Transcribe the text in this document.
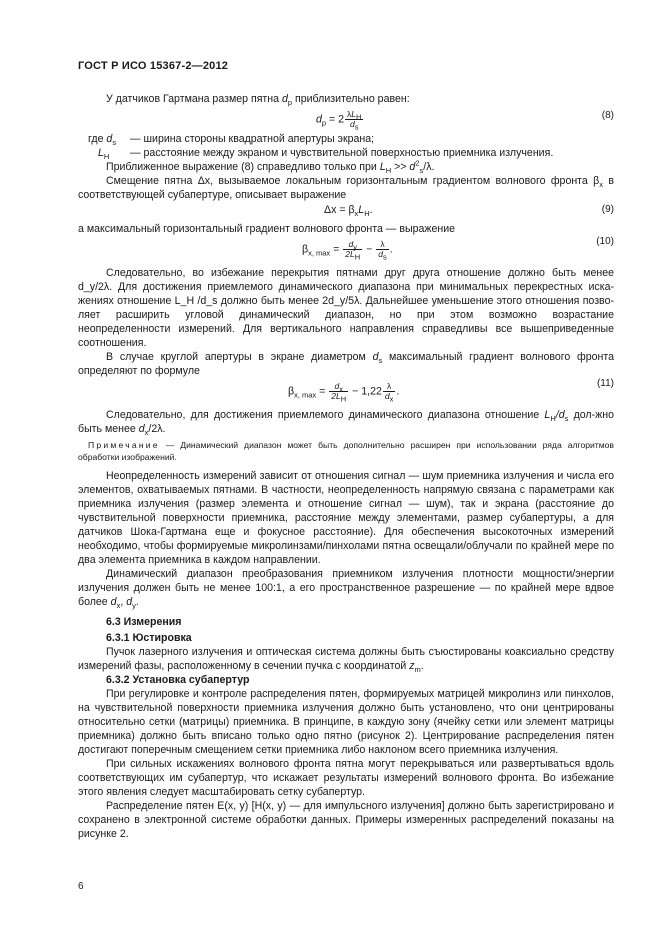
ГОСТ Р ИСО 15367-2—2012

У датчиков Гартмана размер пятна $d_p$ приблизительно равен:

$d_p = 2 \frac{\lambda L_H}{d_s}$	(8)
где $d_s$	— ширина стороны квадратной апертуры экрана;
$L_H$	— расстояние между экраном и чувствительной поверхностью приемника излучения.

Приближенное выражение (8) справедливо только при $L_H >> d^2_s/\lambda$.

Смещение пятна Δx, вызываемое локальным горизонтальным градиентом волнового фронта $\beta_x$ в соответствующей субапертуре, описывает выражение

$\Delta x = \beta_xL_H$.	(9)

а максимальный горизонтальный градиент волнового фронта — выражение

$\beta_{x, max} = \frac{d_y}{2L_H} - \frac{\lambda}{d_s}$ .
(10)

Следовательно, во избежание перекрытия пятнами друг друга отношение должно быть менее

d_y/2λ. Для достижения приемлемого динамического диапазона при минимальных перекрестных иска-

жениях отношение L_H /d_s должно быть менее 2d_y/5λ. Дальнейшее уменьшение этого отношения позво-

ляет расширить угловой динамический диапазон, но при этом возможно возрастание

неопределенности измерений. Для вертикального направления справедливы все вышеприведенные

соотношения.

В случае круглой апертуры в экране диаметром $d_s$ максимальный градиент волнового фронта определяют по формуле

$\beta_{x, max} = \frac{d_x}{2L_H} - 1,22 \frac{\lambda}{d_x}$ .
(11)

Следовательно, для достижения приемлемого динамического диапазона отношение $L_H/d_s$ дол-жно быть менее $d_x/2\lambda$.

Примечание — Динамический диапазон может быть дополнительно расширен при использовании ряда алгоритмов обработки изображений.

Неопределенность измерений зависит от отношения сигнал — шум приемника излучения и числа его элементов, охватываемых пятнами. В частности, неопределенность напрямую связана с параметрами как приемника излучения (размер элемента и отношение сигнал — шум), так и экрана (расстояние до чувствительной поверхности приемника, расстояние между элементами, размер субапертуры, а для датчиков Шока-Гартмана еще и фокусное расстояние). Для обеспечения высокоточных измерений необходимо, чтобы формируемые микролинзами/пинхолами пятна освещали/облучали по крайней мере по два элемента приемника в каждом направлении.

Динамический диапазон преобразования приемником излучения плотности мощности/энергии излучения должен быть не менее 100:1, а его пространственное разрешение — по крайней мере вдвое более $d_x$, $d_y$.

6.3 Измерения
6.3.1 Юстировка

Пучок лазерного излучения и оптическая система должны быть съюстированы коаксиально средству измерений фазы, расположенному в сечении пучка с координатой $z_m$.

6.3.2 Установка субапертур

При регулировке и контроле распределения пятен, формируемых матрицей микролинз или пинхолов, на чувствительной поверхности приемника излучения должно быть установлено, что они центрированы относительно сетки (матрицы) приемника. В принципе, в каждую зону (ячейку сетки или элемент матрицы приемника) должно быть вписано только одно пятно (рисунок 2). Центрирование распределения пятен достигают поперечным смещением сетки приемника либо наклоном всего приемника излучения.

При сильных искажениях волнового фронта пятна могут перекрываться или развертываться вдоль соответствующих им субапертур, что искажает результаты измерений волнового фронта. Во избежание этого явления следует масштабировать сетку субапертур.

Распределение пятен E(x, y) [H(x, y) — для импульсного излучения] должно быть зарегистрировано и сохранено в электронной системе обработки данных. Примеры измеренных распределений показаны на рисунке 2.

6
